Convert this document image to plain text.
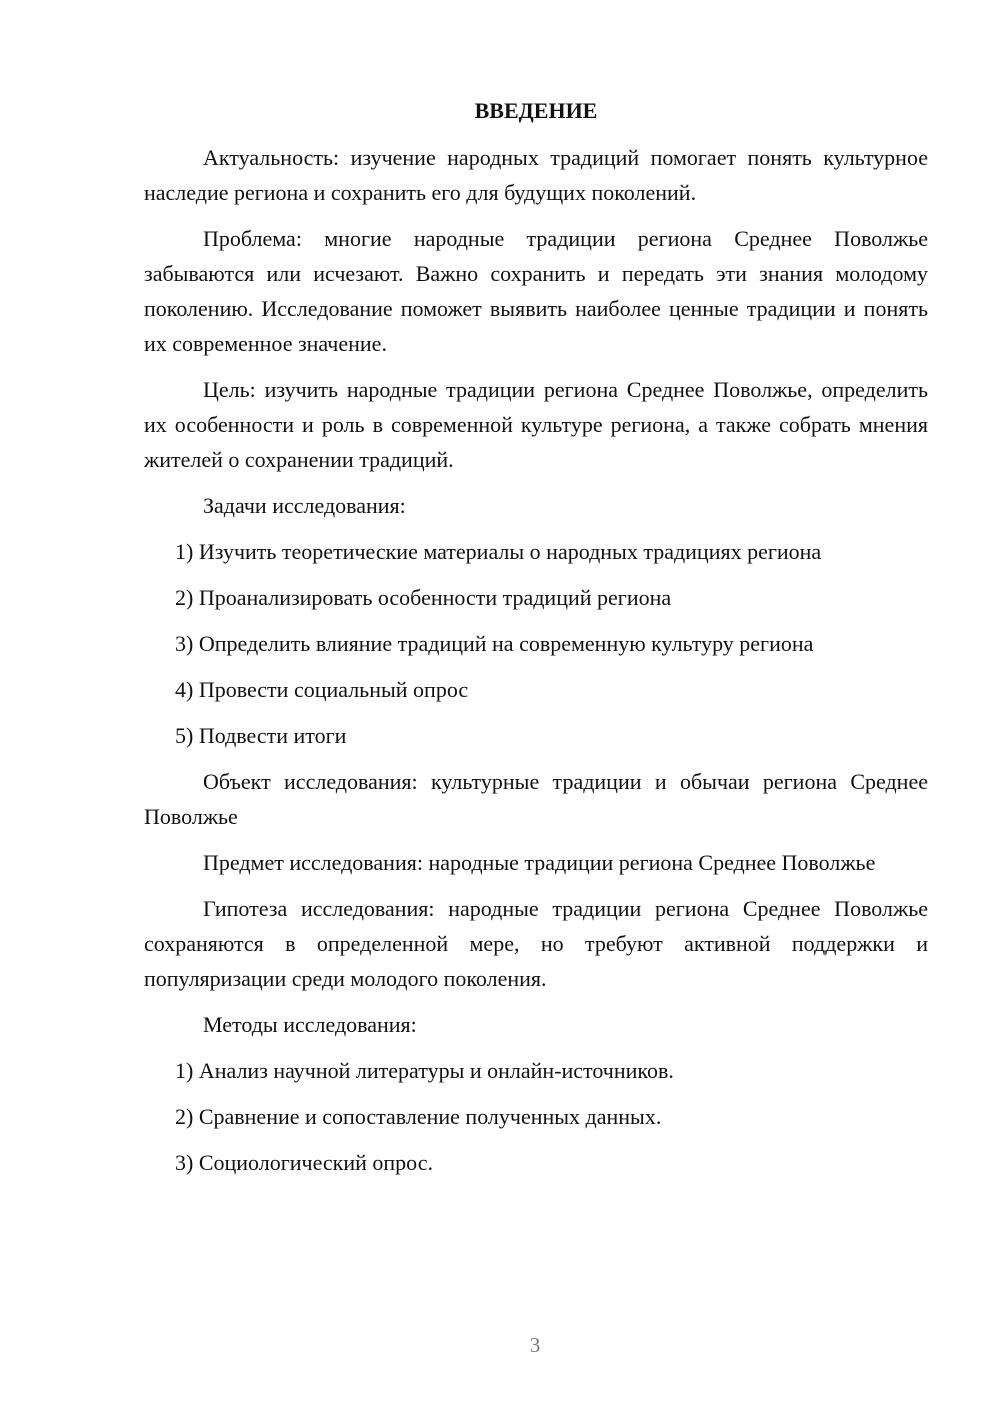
ВВЕДЕНИЕ

Актуальность: изучение народных традиций помогает понять культурное наследие региона и сохранить его для будущих поколений.

Проблема: многие народные традиции региона Среднее Поволжье забываются или исчезают. Важно сохранить и передать эти знания молодому поколению. Исследование поможет выявить наиболее ценные традиции и понять их современное значение.

Цель: изучить народные традиции региона Среднее Поволжье, определить их особенности и роль в современной культуре региона, а также собрать мнения жителей о сохранении традиций.

Задачи исследования:

1) Изучить теоретические материалы о народных традициях региона
2) Проанализировать особенности традиций региона
3) Определить влияние традиций на современную культуру региона
4) Провести социальный опрос
5) Подвести итоги

Объект исследования: культурные традиции и обычаи региона Среднее Поволжье

Предмет исследования: народные традиции региона Среднее Поволжье

Гипотеза исследования: народные традиции региона Среднее Поволжье сохраняются в определенной мере, но требуют активной поддержки и популяризации среди молодого поколения.

Методы исследования:

1) Анализ научной литературы и онлайн-источников.
2) Сравнение и сопоставление полученных данных.
3) Социологический опрос.
3
